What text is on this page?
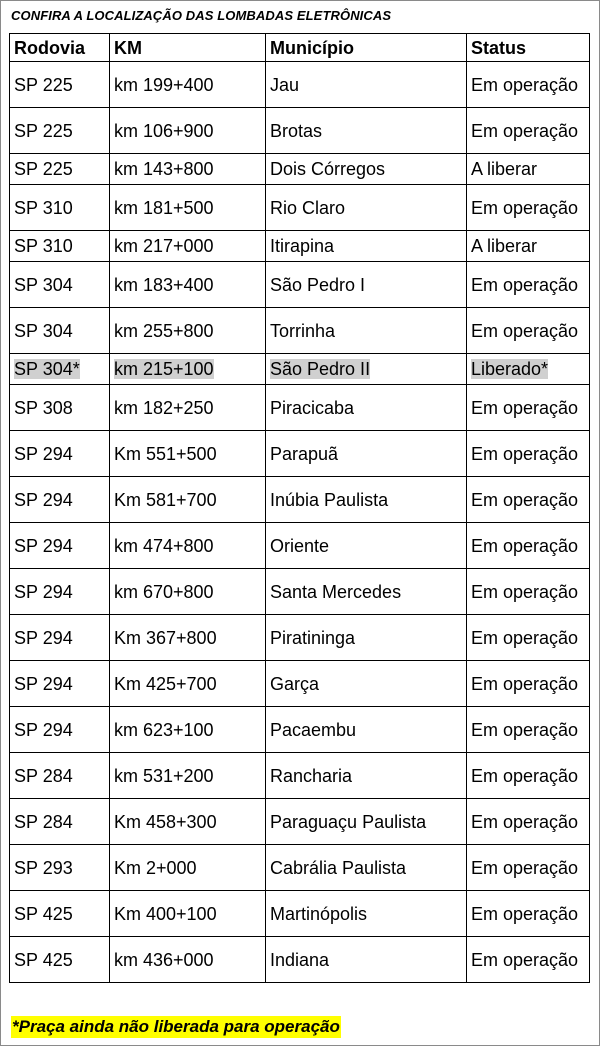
CONFIRA A LOCALIZAÇÃO DAS LOMBADAS ELETRÔNICAS
Rodovia	KM	Município	Status
SP 225	km 199+400	Jau	Em operação
SP 225	km 106+900	Brotas	Em operação
SP 225	km 143+800	Dois Córregos	A liberar
SP 310	km 181+500	Rio Claro	Em operação
SP 310	km 217+000	Itirapina	A liberar
SP 304	km 183+400	São Pedro I	Em operação
SP 304	km 255+800	Torrinha	Em operação
SP 304*	km 215+100	São Pedro II	Liberado*
SP 308	km 182+250	Piracicaba	Em operação
SP 294	Km 551+500	Parapuã	Em operação
SP 294	Km 581+700	Inúbia Paulista	Em operação
SP 294	km 474+800	Oriente	Em operação
SP 294	km 670+800	Santa Mercedes	Em operação
SP 294	Km 367+800	Piratininga	Em operação
SP 294	Km 425+700	Garça	Em operação
SP 294	km 623+100	Pacaembu	Em operação
SP 284	km 531+200	Rancharia	Em operação
SP 284	Km 458+300	Paraguaçu Paulista	Em operação
SP 293	Km 2+000	Cabrália Paulista	Em operação
SP 425	Km 400+100	Martinópolis	Em operação
SP 425	km 436+000	Indiana	Em operação
*Praça ainda não liberada para operação
